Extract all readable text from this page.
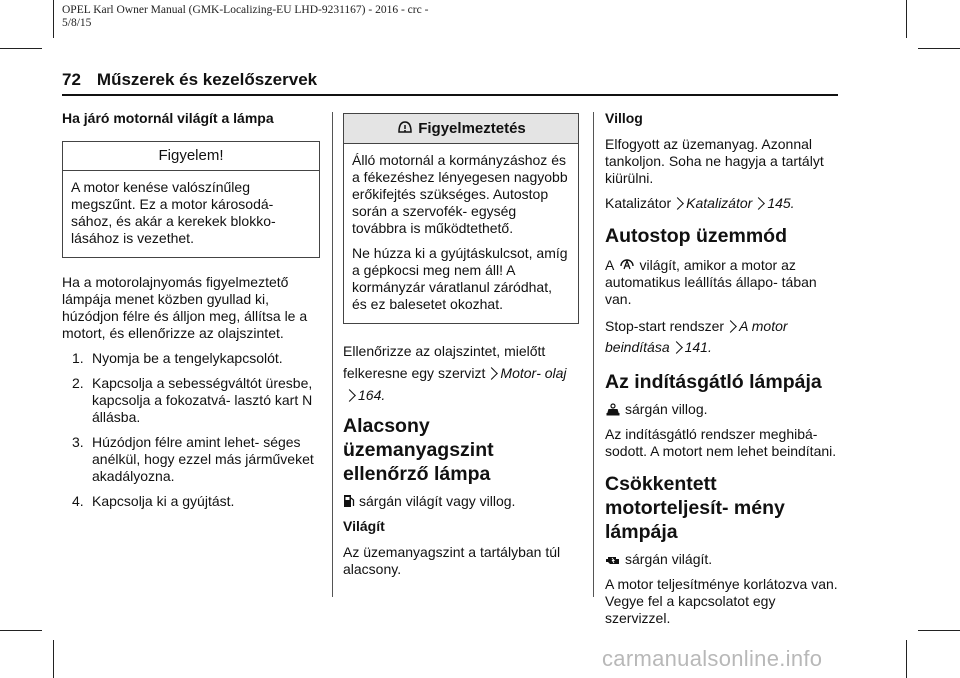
OPEL Karl Owner Manual (GMK-Localizing-EU LHD-9231167) - 2016 - crc -
5/8/15
72 Műszerek és kezelőszervek
Ha járó motornál világít a lámpa
Figyelem!

A motor kenése valószínűleg megszűnt. Ez a motor károsodá‐ sához, és akár a kerekek blokko‐ lásához is vezethet.

Ha a motorolajnyomás figyelmeztető lámpája menet közben gyullad ki, húzódjon félre és álljon meg, állítsa le a motort, és ellenőrizze az olajszintet.

1. Nyomja be a tengelykapcsolót.
2. Kapcsolja a sebességváltót üresbe, kapcsolja a fokozatvá‐ lasztó kart N állásba.
3. Húzódjon félre amint lehet‐ séges anélkül, hogy ezzel más járműveket akadályozna.
4. Kapcsolja ki a gyújtást.
Figyelmeztetés

Álló motornál a kormányzáshoz és a fékezéshez lényegesen nagyobb erőkifejtés szükséges. Autostop során a szervofék‐ egység továbbra is működtethető.

Ne húzza ki a gyújtáskulcsot, amíg a gépkocsi meg nem áll! A kormányzár váratlanul záródhat, és ez balesetet okozhat.

Ellenőrizze az olajszintet, mielőtt felkeresne egy szervizt Motor‐ olaj164.

Alacsony üzemanyagszint ellenőrző lámpa

sárgán világít vagy villog.

Világít

Az üzemanyagszint a tartályban túl alacsony.

Villog

Elfogyott az üzemanyag. Azonnal tankoljon. Soha ne hagyja a tartályt kiürülni.

Katalizátor Katalizátor 145.

Autostop üzemmód

A világít, amikor a motor az automatikus leállítás állapo‐ tában van.

Stop-start rendszer A motor beindítása 141.

Az indításgátló lámpája

sárgán villog.

Az indításgátló rendszer meghibá‐ sodott. A motort nem lehet beindítani.

Csökkentett motorteljesít‐ mény lámpája

sárgán világít.

A motor teljesítménye korlátozva van. Vegye fel a kapcsolatot egy szervizzel.

carmanualsonline.info
